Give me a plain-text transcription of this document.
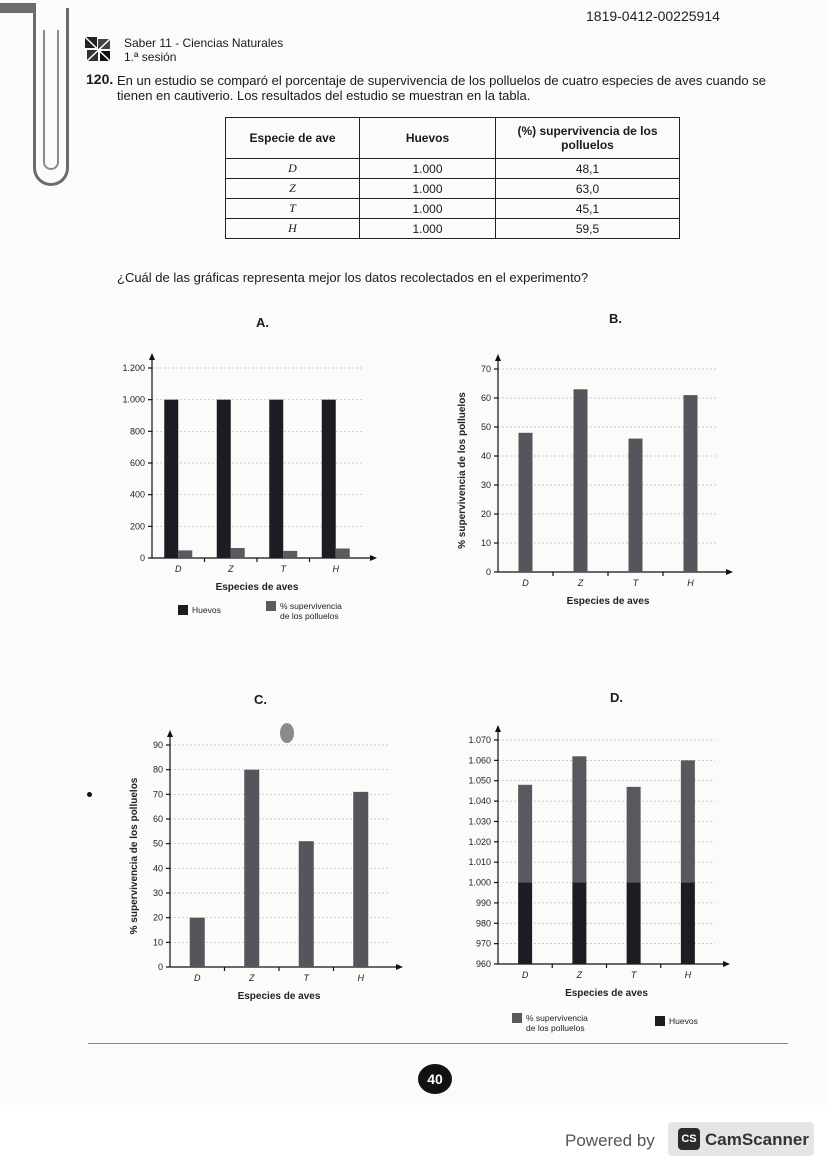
1819-0412-00225914
Saber 11 - Ciencias Naturales
1.ª sesión
120. En un estudio se comparó el porcentaje de supervivencia de los polluelos de cuatro especies de aves cuando se tienen en cautiverio. Los resultados del estudio se muestran en la tabla.
Especie de ave	Huevos	(%) supervivencia de los polluelos
D	1.000	48,1
Z	1.000	63,0
T	1.000	45,1
H	1.000	59,5
¿Cuál de las gráficas representa mejor los datos recolectados en el experimento?
A.	B.
C.	D.
0
200
400
600
800
1.000
1.200
D	Z	T	H
Especies de aves
Huevos	% supervivencia
de los polluelos
0
10
20
30
40
50
60
70
D	Z	T	H
Especies de aves
% supervivencia de los polluelos
0
10
20
30
40
50
60
70
80
90
D	Z	T	H
Especies de aves
% supervivencia de los polluelos
960
970
980
990
1.000
1.010
1.020
1.030
1.040
1.050
1.060
1.070
D	Z	T	H
Especies de aves
% supervivencia
de los polluelos
Huevos
40
Powered by	CS CamScanner
